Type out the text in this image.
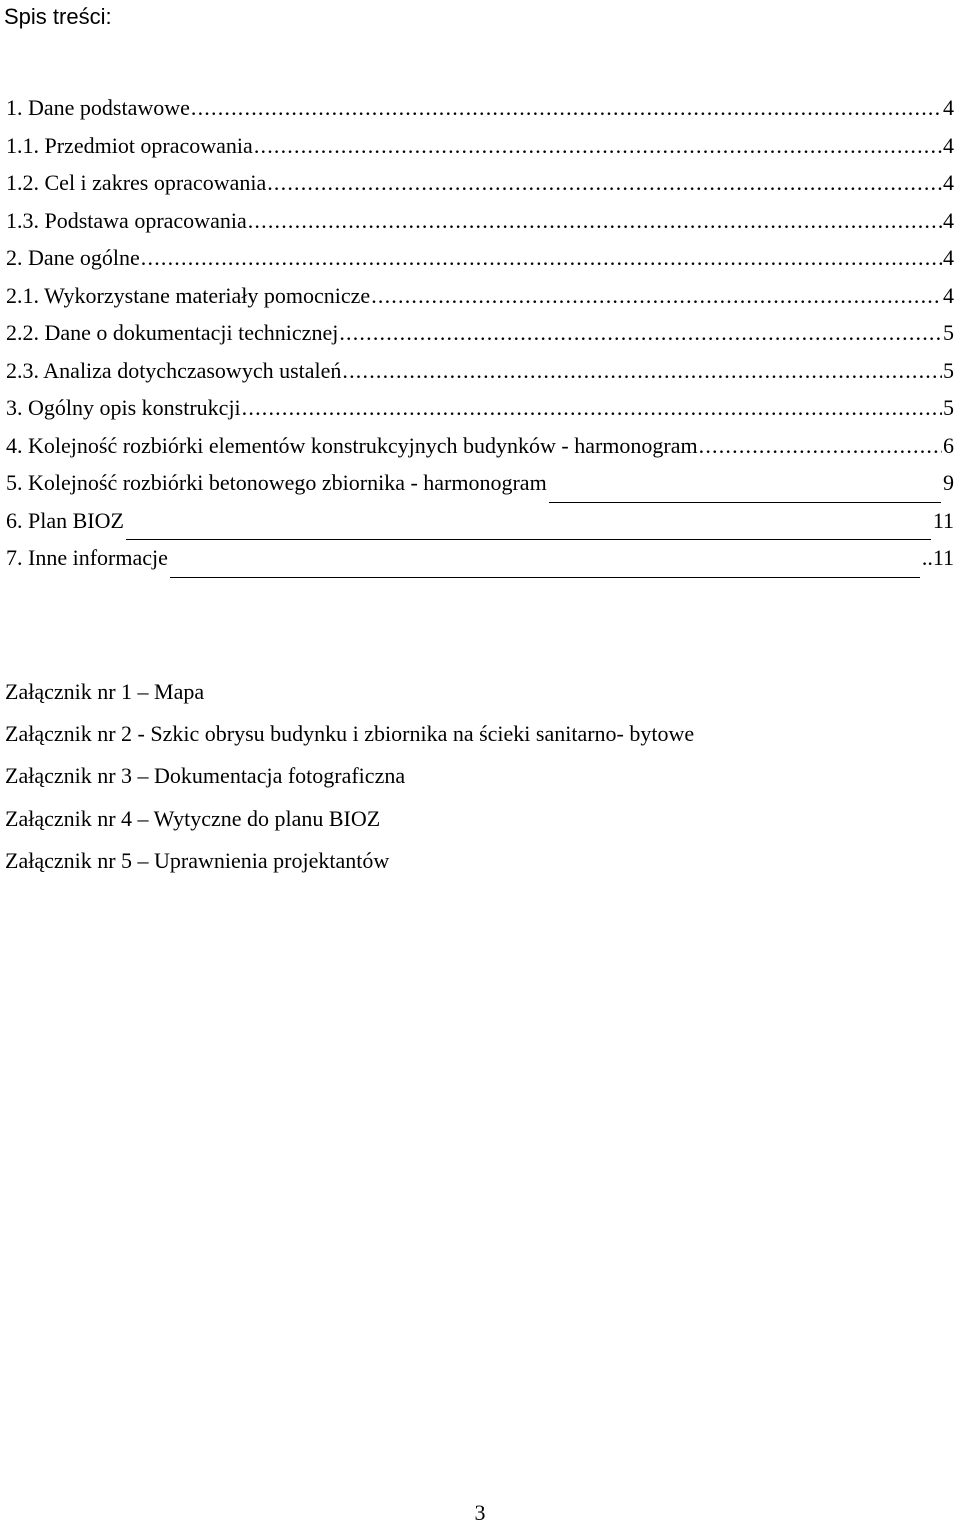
Spis treści:
1. Dane podstawowe .....	4
1.1. Przedmiot opracowania .....	4
1.2. Cel i zakres opracowania .....	4
1.3. Podstawa opracowania .....	4
2. Dane ogólne .....	4
2.1. Wykorzystane materiały pomocnicze .....	4
2.2. Dane o dokumentacji technicznej .....	5
2.3. Analiza dotychczasowych ustaleń .....	5
3. Ogólny opis konstrukcji .....	5
4. Kolejność rozbiórki elementów konstrukcyjnych budynków - harmonogram .....	6
5. Kolejność rozbiórki betonowego zbiornika - harmonogram	9
6. Plan BIOZ	11
7. Inne informacje	..11
Załącznik nr 1 – Mapa
Załącznik nr 2 - Szkic obrysu budynku i zbiornika na ścieki sanitarno- bytowe
Załącznik nr 3 – Dokumentacja fotograficzna
Załącznik nr 4 – Wytyczne do planu BIOZ
Załącznik nr 5 – Uprawnienia projektantów
3
